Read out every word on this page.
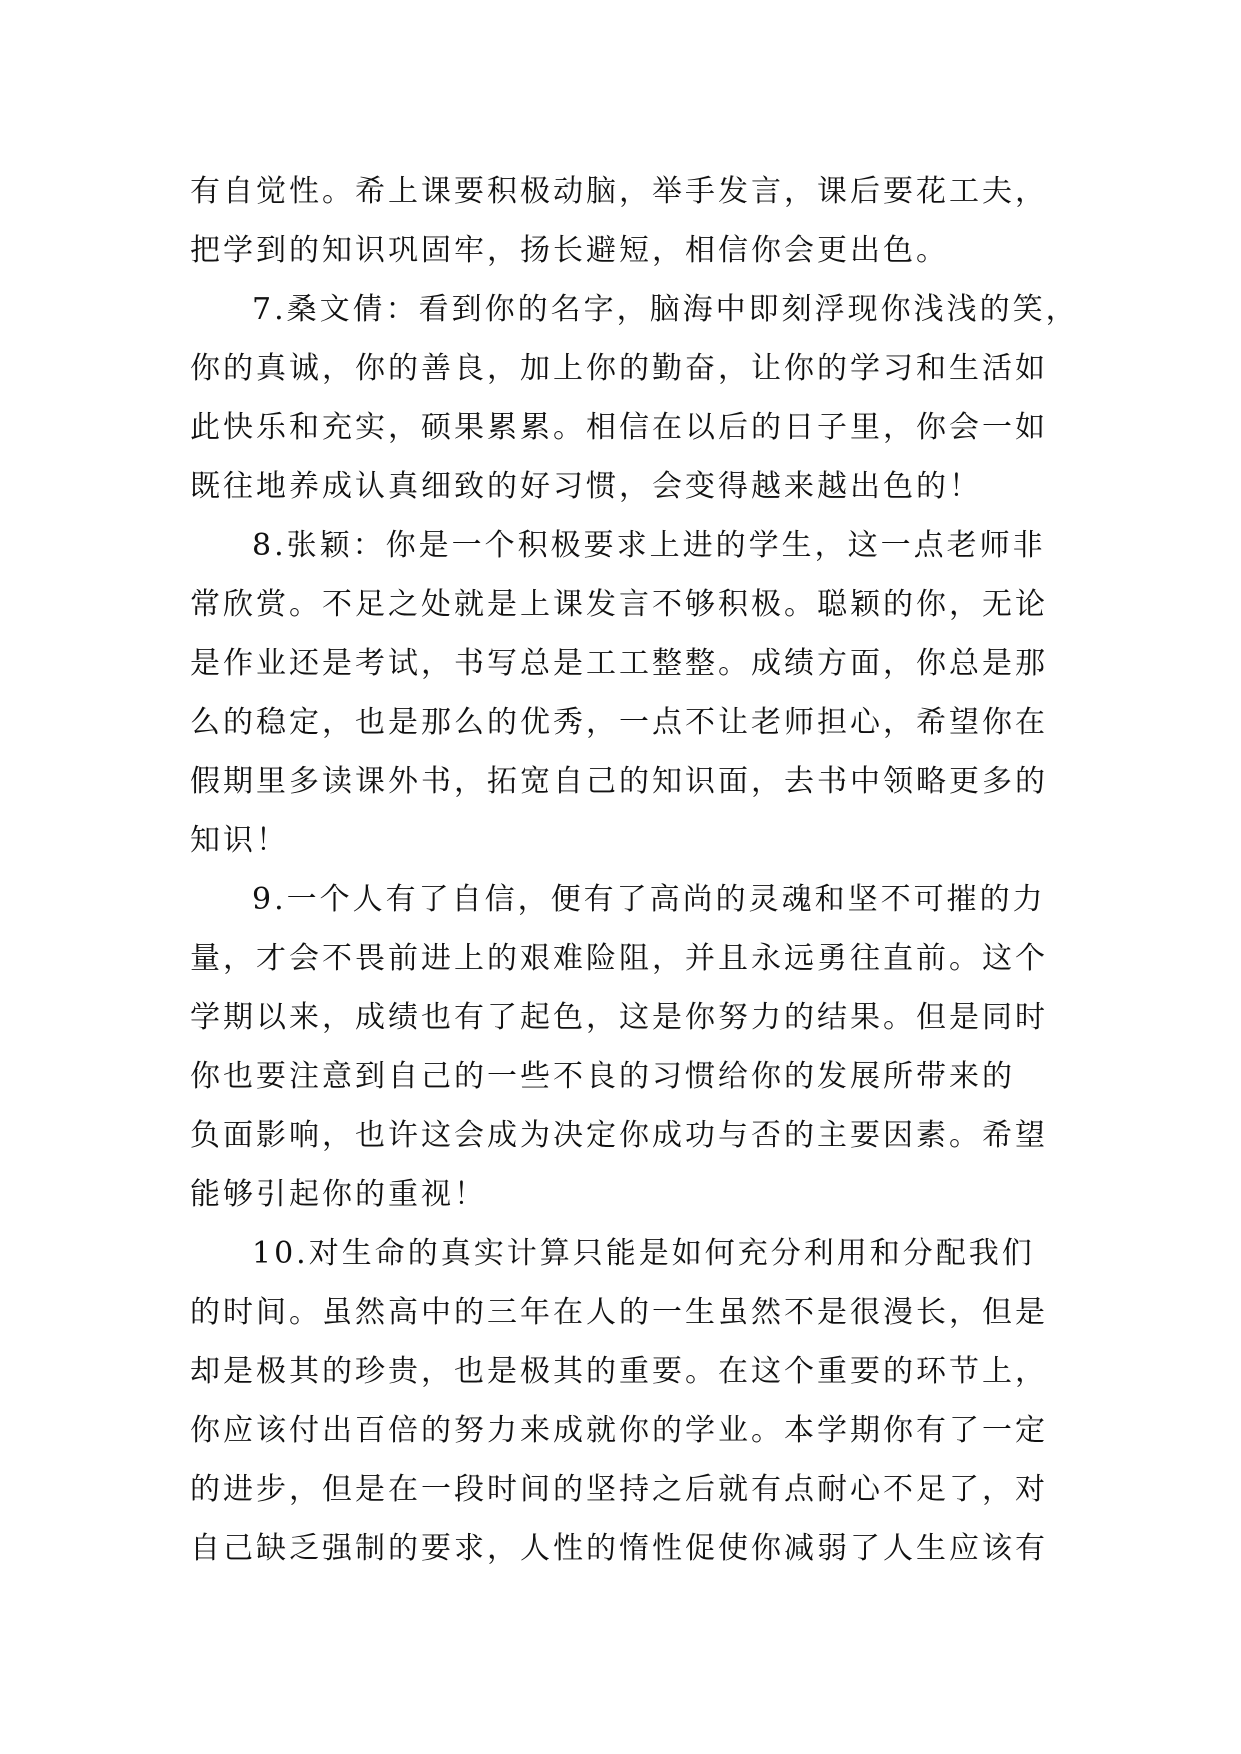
有自觉性。希上课要积极动脑，举手发言，课后要花工夫，
把学到的知识巩固牢，扬长避短，相信你会更出色。
7.桑文倩：看到你的名字，脑海中即刻浮现你浅浅的笑，
你的真诚，你的善良，加上你的勤奋，让你的学习和生活如
此快乐和充实，硕果累累。相信在以后的日子里，你会一如
既往地养成认真细致的好习惯，会变得越来越出色的！
8.张颖：你是一个积极要求上进的学生，这一点老师非
常欣赏。不足之处就是上课发言不够积极。聪颖的你，无论
是作业还是考试，书写总是工工整整。成绩方面，你总是那
么的稳定，也是那么的优秀，一点不让老师担心，希望你在
假期里多读课外书，拓宽自己的知识面，去书中领略更多的
知识！
9.一个人有了自信，便有了高尚的灵魂和坚不可摧的力
量，才会不畏前进上的艰难险阻，并且永远勇往直前。这个
学期以来，成绩也有了起色，这是你努力的结果。但是同时
你也要注意到自己的一些不良的习惯给你的发展所带来的
负面影响，也许这会成为决定你成功与否的主要因素。希望
能够引起你的重视！
10.对生命的真实计算只能是如何充分利用和分配我们
的时间。虽然高中的三年在人的一生虽然不是很漫长，但是
却是极其的珍贵，也是极其的重要。在这个重要的环节上，
你应该付出百倍的努力来成就你的学业。本学期你有了一定
的进步，但是在一段时间的坚持之后就有点耐心不足了，对
自己缺乏强制的要求，人性的惰性促使你减弱了人生应该有
